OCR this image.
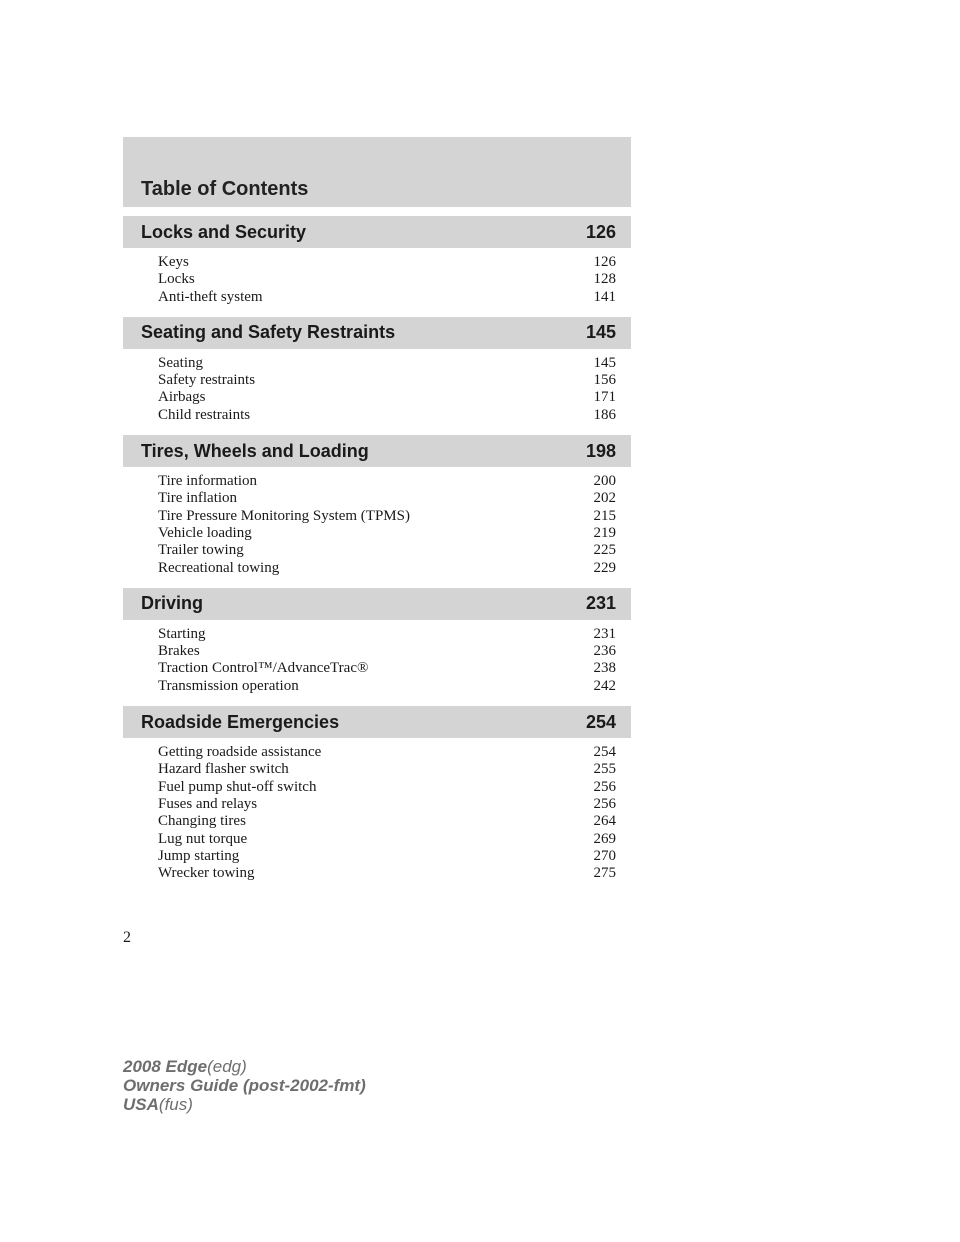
Table of Contents
Locks and Security	126
Keys	126
Locks	128
Anti-theft system	141
Seating and Safety Restraints	145
Seating	145
Safety restraints	156
Airbags	171
Child restraints	186
Tires, Wheels and Loading	198
Tire information	200
Tire inflation	202
Tire Pressure Monitoring System (TPMS)	215
Vehicle loading	219
Trailer towing	225
Recreational towing	229
Driving	231
Starting	231
Brakes	236
Traction Control™/AdvanceTrac®	238
Transmission operation	242
Roadside Emergencies	254
Getting roadside assistance	254
Hazard flasher switch	255
Fuel pump shut-off switch	256
Fuses and relays	256
Changing tires	264
Lug nut torque	269
Jump starting	270
Wrecker towing	275
2
2008 Edge(edg)
Owners Guide (post-2002-fmt)
USA(fus)
